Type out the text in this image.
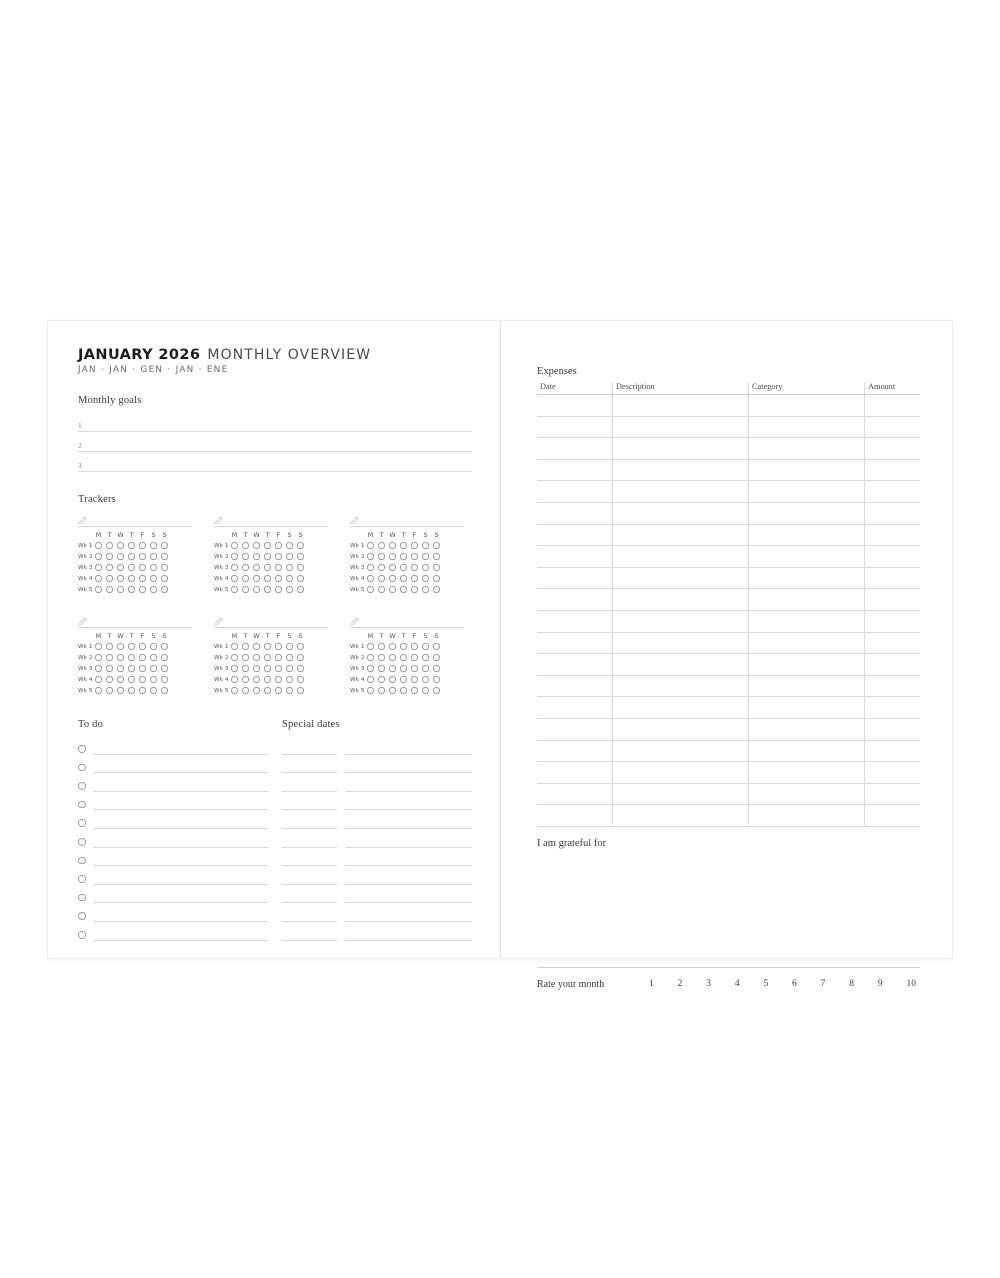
JANUARY 2026 MONTHLY OVERVIEW
JAN · JAN · GEN · JAN · ENE
Monthly goals
1
2
3
Trackers
M	T W T	F	S	S
Wk 1
Wk 2
Wk 3
Wk 4
Wk 5
M	T W T	F	S	S
Wk 1
Wk 2
Wk 3
Wk 4
Wk 5
M	T W T	F	S	S
Wk 1
Wk 2
Wk 3
Wk 4
Wk 5
M	T W T	F	S	S
Wk 1
Wk 2
Wk 3
Wk 4
Wk 5
M	T W T	F	S	S
Wk 1
Wk 2
Wk 3
Wk 4
Wk 5
M	T W T	F	S	S
Wk 1
Wk 2
Wk 3
Wk 4
Wk 5
To do	Special dates
Expenses
Date	Description	Category	Amount

I am grateful for
Rate your month	1	2	3	4	5	6	7	8	9	10
